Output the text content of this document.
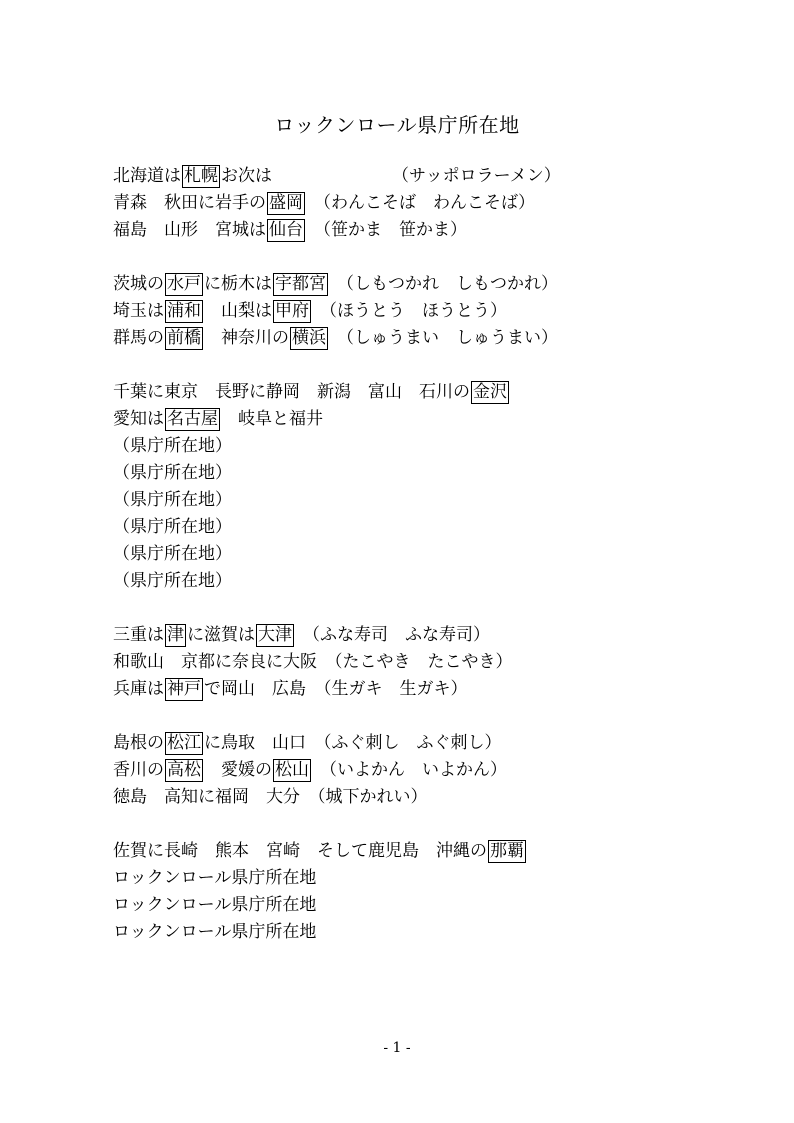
ロックンロール県庁所在地
北海道は 札幌 お次は	（サッポロラーメン）
青森　秋田に岩手の 盛岡 （わんこそば　わんこそば）
福島　山形　宮城は 仙台 （笹かま　笹かま）
茨城の 水戸 に栃木は 宇都宮 （しもつかれ　しもつかれ）
埼玉は 浦和　山梨は 甲府 （ほうとう　ほうとう）
群馬の 前橋　神奈川の 横浜 （しゅうまい　しゅうまい）
千葉に東京　長野に静岡　新潟　富山　石川の 金沢
愛知は 名古屋　岐阜と福井
（県庁所在地）
（県庁所在地）
（県庁所在地）
（県庁所在地）
（県庁所在地）
（県庁所在地）
三重は 津 に滋賀は 大津 （ふな寿司　ふな寿司）
和歌山　京都に奈良に大阪　（たこやき　たこやき）
兵庫は 神戸 で岡山　広島　（生ガキ　生ガキ）
島根の 松江 に鳥取　山口　（ふぐ刺し　ふぐ刺し）
香川の 高松　愛媛の 松山 （いよかん　いよかん）
徳島　高知に福岡　大分　（城下かれい）
佐賀に長崎　熊本　宮崎　そして鹿児島　沖縄の 那覇
ロックンロール県庁所在地
ロックンロール県庁所在地
ロックンロール県庁所在地
- 1 -
